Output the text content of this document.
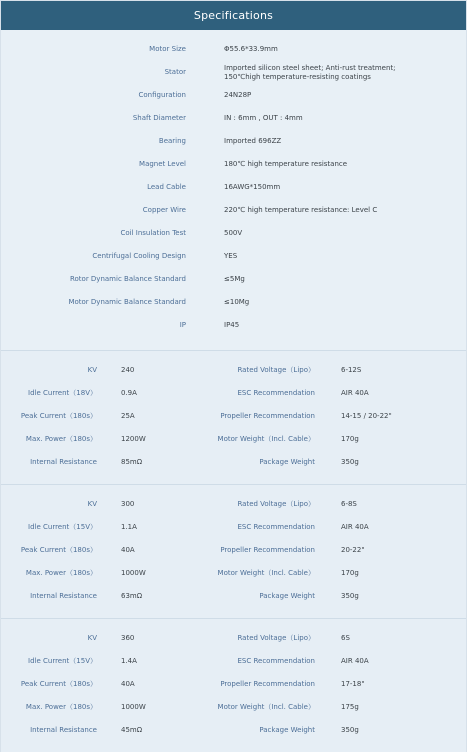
Specifications
Motor Size	Φ55.6*33.9mm
Stator
Imported silicon steel sheet; Anti-rust treatment;
150℃high temperature-resisting coatings
Configuration	24N28P
Shaft Diameter	IN : 6mm , OUT : 4mm
Bearing	Imported 696ZZ
Magnet Level	180℃ high temperature resistance
Lead Cable	16AWG*150mm
Copper Wire	220℃ high temperature resistance: Level C
Coil Insulation Test	500V
Centrifugal Cooling Design	YES
Rotor Dynamic Balance Standard	≤5Mg
Motor Dynamic Balance Standard	≤10Mg
IP	IP45
KV	240	Rated Voltage（Lipo）	6-12S
Idle Current（18V）	0.9A	ESC Recommendation	AIR 40A
Peak Current（180s）	25A	Propeller Recommendation	14-15 / 20-22"
Max. Power（180s）	1200W	Motor Weight（Incl. Cable）	170g
Internal Resistance	85mΩ	Package Weight	350g
KV	300	Rated Voltage（Lipo）	6-8S
Idle Current（15V）	1.1A	ESC Recommendation	AIR 40A
Peak Current（180s）	40A	Propeller Recommendation	20-22"
Max. Power（180s）	1000W	Motor Weight（Incl. Cable）	170g
Internal Resistance	63mΩ	Package Weight	350g
KV	360	Rated Voltage（Lipo）	6S
Idle Current（15V）	1.4A	ESC Recommendation	AIR 40A
Peak Current（180s）	40A	Propeller Recommendation	17-18"
Max. Power（180s）	1000W	Motor Weight（Incl. Cable）	175g
Internal Resistance	45mΩ	Package Weight	350g
